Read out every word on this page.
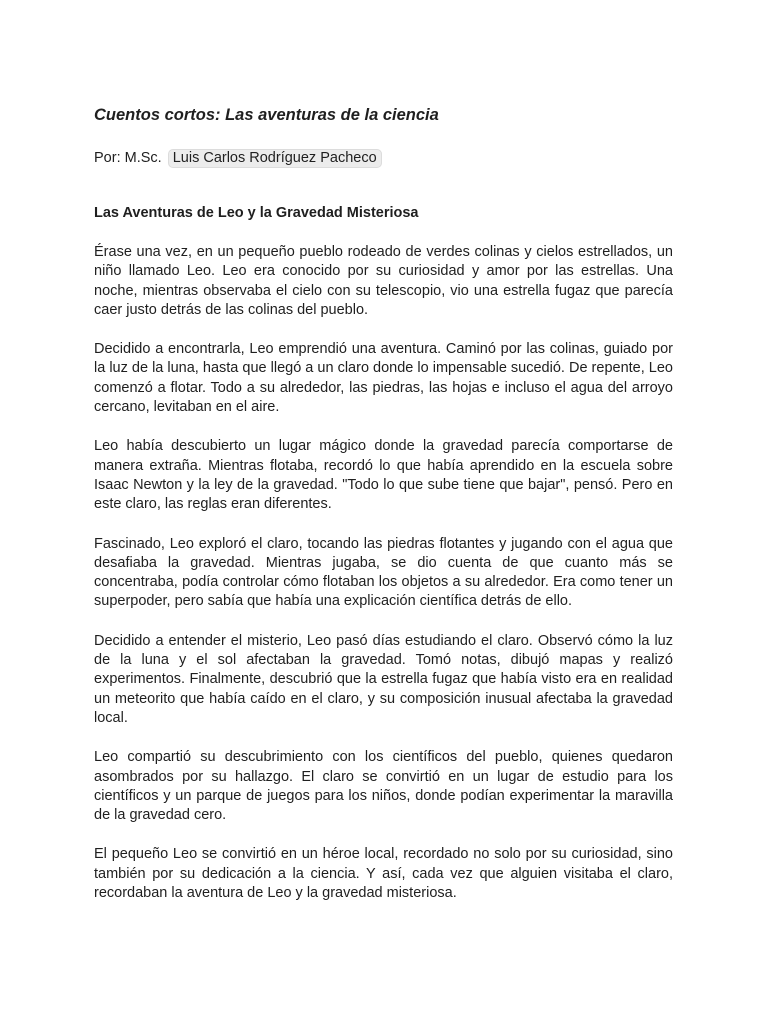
Cuentos cortos: Las aventuras de la ciencia
Por: M.Sc. Luis Carlos Rodríguez Pacheco
Las Aventuras de Leo y la Gravedad Misteriosa

Érase una vez, en un pequeño pueblo rodeado de verdes colinas y cielos estrellados, un niño llamado Leo. Leo era conocido por su curiosidad y amor por las estrellas. Una noche, mientras observaba el cielo con su telescopio, vio una estrella fugaz que parecía caer justo detrás de las colinas del pueblo.

Decidido a encontrarla, Leo emprendió una aventura. Caminó por las colinas, guiado por la luz de la luna, hasta que llegó a un claro donde lo impensable sucedió. De repente, Leo comenzó a flotar. Todo a su alrededor, las piedras, las hojas e incluso el agua del arroyo cercano, levitaban en el aire.

Leo había descubierto un lugar mágico donde la gravedad parecía comportarse de manera extraña. Mientras flotaba, recordó lo que había aprendido en la escuela sobre Isaac Newton y la ley de la gravedad. "Todo lo que sube tiene que bajar", pensó. Pero en este claro, las reglas eran diferentes.

Fascinado, Leo exploró el claro, tocando las piedras flotantes y jugando con el agua que desafiaba la gravedad. Mientras jugaba, se dio cuenta de que cuanto más se concentraba, podía controlar cómo flotaban los objetos a su alrededor. Era como tener un superpoder, pero sabía que había una explicación científica detrás de ello.

Decidido a entender el misterio, Leo pasó días estudiando el claro. Observó cómo la luz de la luna y el sol afectaban la gravedad. Tomó notas, dibujó mapas y realizó experimentos. Finalmente, descubrió que la estrella fugaz que había visto era en realidad un meteorito que había caído en el claro, y su composición inusual afectaba la gravedad local.

Leo compartió su descubrimiento con los científicos del pueblo, quienes quedaron asombrados por su hallazgo. El claro se convirtió en un lugar de estudio para los científicos y un parque de juegos para los niños, donde podían experimentar la maravilla de la gravedad cero.

El pequeño Leo se convirtió en un héroe local, recordado no solo por su curiosidad, sino también por su dedicación a la ciencia. Y así, cada vez que alguien visitaba el claro, recordaban la aventura de Leo y la gravedad misteriosa.
